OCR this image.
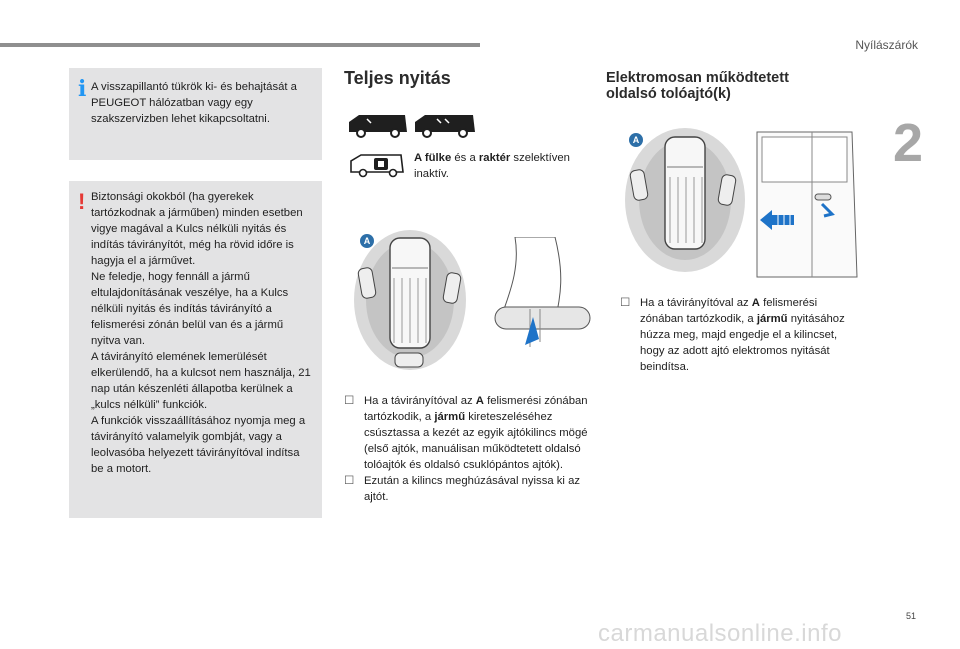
Nyílászárók
2
i A visszapillantó tükrök ki- és behajtását a PEUGEOT hálózatban vagy egy szakszervizben lehet kikapcsoltatni.

! Biztonsági okokból (ha gyerekek tartózkodnak a járműben) minden esetben vigye magával a Kulcs nélküli nyitás és indítás távirányítót, még ha rövid időre is hagyja el a járművet.
Ne feledje, hogy fennáll a jármű eltulajdonításának veszélye, ha a Kulcs nélküli nyitás és indítás távirányító a felismerési zónán belül van és a jármű nyitva van.
A távirányító elemének lemerülését elkerülendő, ha a kulcsot nem használja, 21 nap után készenléti állapotba kerülnek a „kulcs nélküli” funkciók.
A funkciók visszaállításához nyomja meg a távirányító valamelyik gombját, vagy a leolvasóba helyezett távirányítóval indítsa be a motort.

Teljes nyitás
A fülke és a raktér szelektíven inaktív.
A
☐ Ha a távirányítóval az A felismerési zónában tartózkodik, a jármű kireteszeléséhez csúsztassa a kezét az egyik ajtókilincs mögé (első ajtók, manuálisan működtetett oldalsó tolóajtók és oldalsó csuklópántos ajtók).
☐ Ezután a kilincs meghúzásával nyissa ki az ajtót.
Elektromosan működtetett oldalsó tolóajtó(k)
A
☐ Ha a távirányítóval az A felismerési zónában tartózkodik, a jármű nyitásához húzza meg, majd engedje el a kilincset, hogy az adott ajtó elektromos nyitását beindítsa.
51
carmanualsonline.info
